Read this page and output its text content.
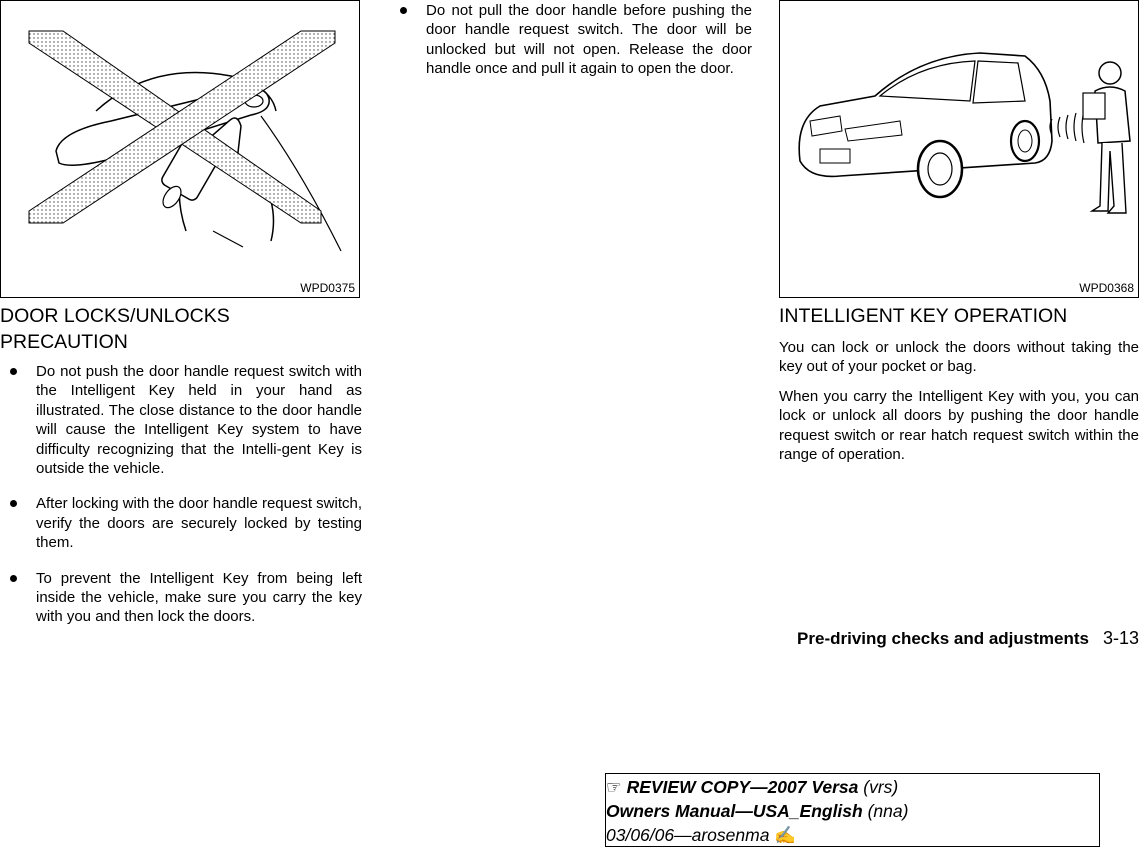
WPD0375
DOOR LOCKS/UNLOCKS PRECAUTION
Do not push the door handle request switch with the Intelligent Key held in your hand as illustrated. The close distance to the door handle will cause the Intelligent Key system to have difficulty recognizing that the Intelli-gent Key is outside the vehicle.
After locking with the door handle request switch, verify the doors are securely locked by testing them.
To prevent the Intelligent Key from being left inside the vehicle, make sure you carry the key with you and then lock the doors.
Do not pull the door handle before pushing the door handle request switch. The door will be unlocked but will not open. Release the door handle once and pull it again to open the door.
WPD0368
INTELLIGENT KEY OPERATION

You can lock or unlock the doors without taking the key out of your pocket or bag.

When you carry the Intelligent Key with you, you can lock or unlock all doors by pushing the door handle request switch or rear hatch request switch within the range of operation.

Pre-driving checks and adjustments 3-13
☞ REVIEW COPY—2007 Versa (vrs)
Owners Manual—USA_English (nna)
03/06/06—arosenma ✍
